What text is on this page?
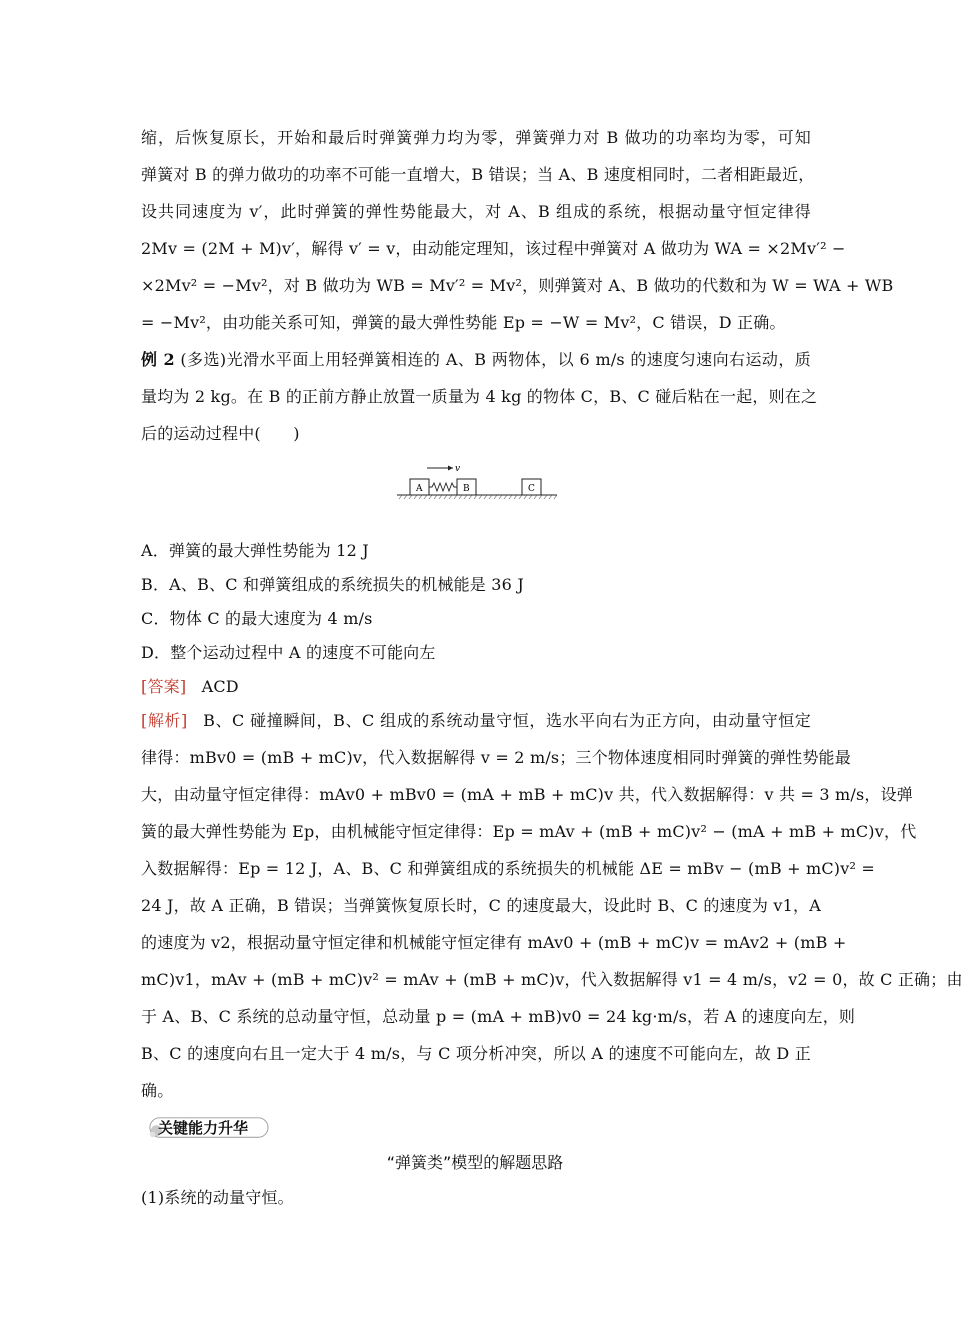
缩，后恢复原长，开始和最后时弹簧弹力均为零，弹簧弹力对 B 做功的功率均为零，可知
弹簧对 B 的弹力做功的功率不可能一直增大，B 错误；当 A、B 速度相同时，二者相距最近，
设共同速度为 v′，此时弹簧的弹性势能最大，对 A、B 组成的系统，根据动量守恒定律得
2Mv = (2M + M)v′，解得 v′ = v，由动能定理知，该过程中弹簧对 A 做功为 WA = ×2Mv′² −
×2Mv² = −Mv²，对 B 做功为 WB = Mv′² = Mv²，则弹簧对 A、B 做功的代数和为 W = WA + WB
= −Mv²，由功能关系可知，弹簧的最大弹性势能 Ep = −W = Mv²，C 错误，D 正确。
例 2 (多选)光滑水平面上用轻弹簧相连的 A、B 两物体，以 6 m/s 的速度匀速向右运动，质
量均为 2 kg。在 B 的正前方静止放置一质量为 4 kg 的物体 C，B、C 碰后粘在一起，则在之
后的运动过程中(　　)
v
A	B	C
A．弹簧的最大弹性势能为 12 J
B．A、B、C 和弹簧组成的系统损失的机械能是 36 J
C．物体 C 的最大速度为 4 m/s
D．整个运动过程中 A 的速度不可能向左
[答案] ACD
[解析] B、C 碰撞瞬间，B、C 组成的系统动量守恒，选水平向右为正方向，由动量守恒定
律得：mBv0 = (mB + mC)v，代入数据解得 v = 2 m/s；三个物体速度相同时弹簧的弹性势能最
大，由动量守恒定律得：mAv0 + mBv0 = (mA + mB + mC)v 共，代入数据解得：v 共 = 3 m/s，设弹
簧的最大弹性势能为 Ep，由机械能守恒定律得：Ep = mAv + (mB + mC)v² − (mA + mB + mC)v，代
入数据解得：Ep = 12 J，A、B、C 和弹簧组成的系统损失的机械能 ΔE = mBv − (mB + mC)v² =
24 J，故 A 正确，B 错误；当弹簧恢复原长时，C 的速度最大，设此时 B、C 的速度为 v1，A
的速度为 v2，根据动量守恒定律和机械能守恒定律有 mAv0 + (mB + mC)v = mAv2 + (mB +
mC)v1，mAv + (mB + mC)v² = mAv + (mB + mC)v，代入数据解得 v1 = 4 m/s，v2 = 0，故 C 正确；由
于 A、B、C 系统的总动量守恒，总动量 p = (mA + mB)v0 = 24 kg·m/s，若 A 的速度向左，则
B、C 的速度向右且一定大于 4 m/s，与 C 项分析冲突，所以 A 的速度不可能向左，故 D 正
确。
关键能力升华
“弹簧类”模型的解题思路
(1)系统的动量守恒。
